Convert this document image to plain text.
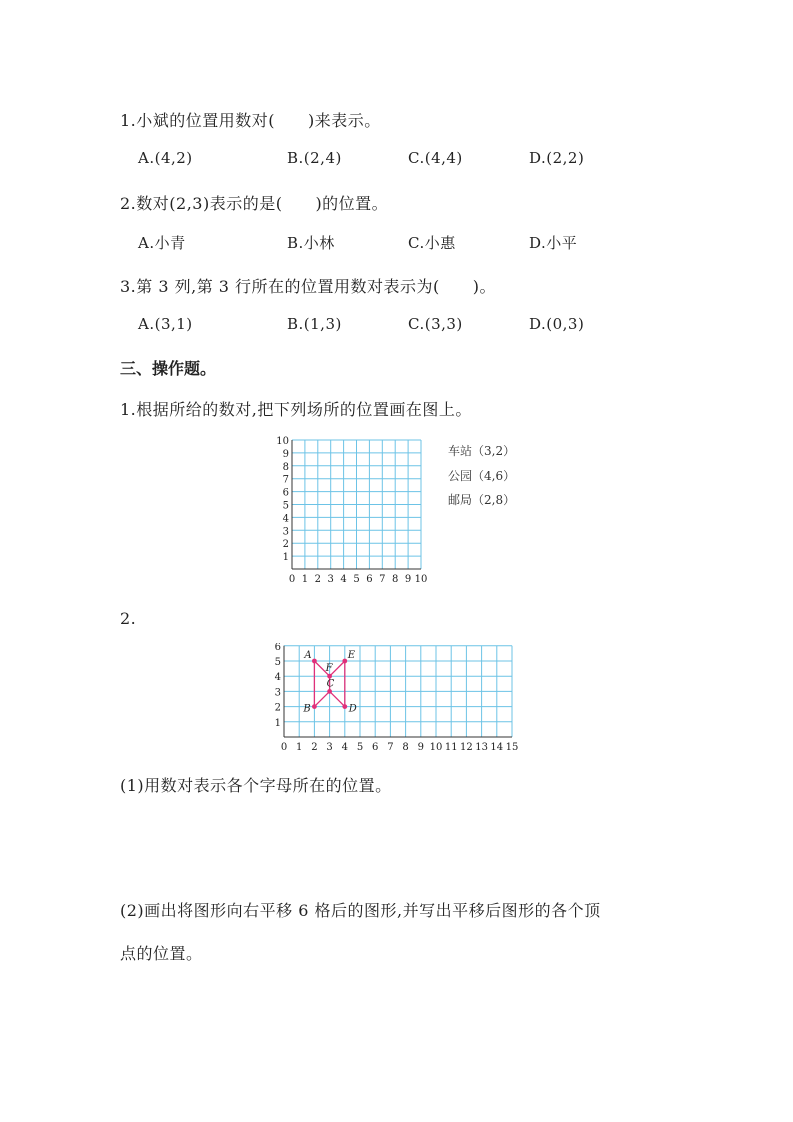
1.小斌的位置用数对(　　)来表示。
A.(4,2)	B.(2,4)	C.(4,4)	D.(2,2)
2.数对(2,3)表示的是(　　)的位置。
A.小青	B.小林	C.小惠	D.小平
3.第 3 列,第 3 行所在的位置用数对表示为(　　)。
A.(3,1)	B.(1,3)	C.(3,3)	D.(0,3)
三、操作题。
1.根据所给的数对,把下列场所的位置画在图上。
0 1 2 3 4 5 6 7 8 9 10
1
2
3
4
5
6
7
8
9
10
车站（3,2）
公园（4,6）
邮局（2,8）
2.
0 1 2 3 4 5 6 7 8 9 10 11 12 13 14 15
1
2
3
4
5
6
A
B
C
D
E
F
(1)用数对表示各个字母所在的位置。
(2)画出将图形向右平移 6 格后的图形,并写出平移后图形的各个顶
点的位置。
